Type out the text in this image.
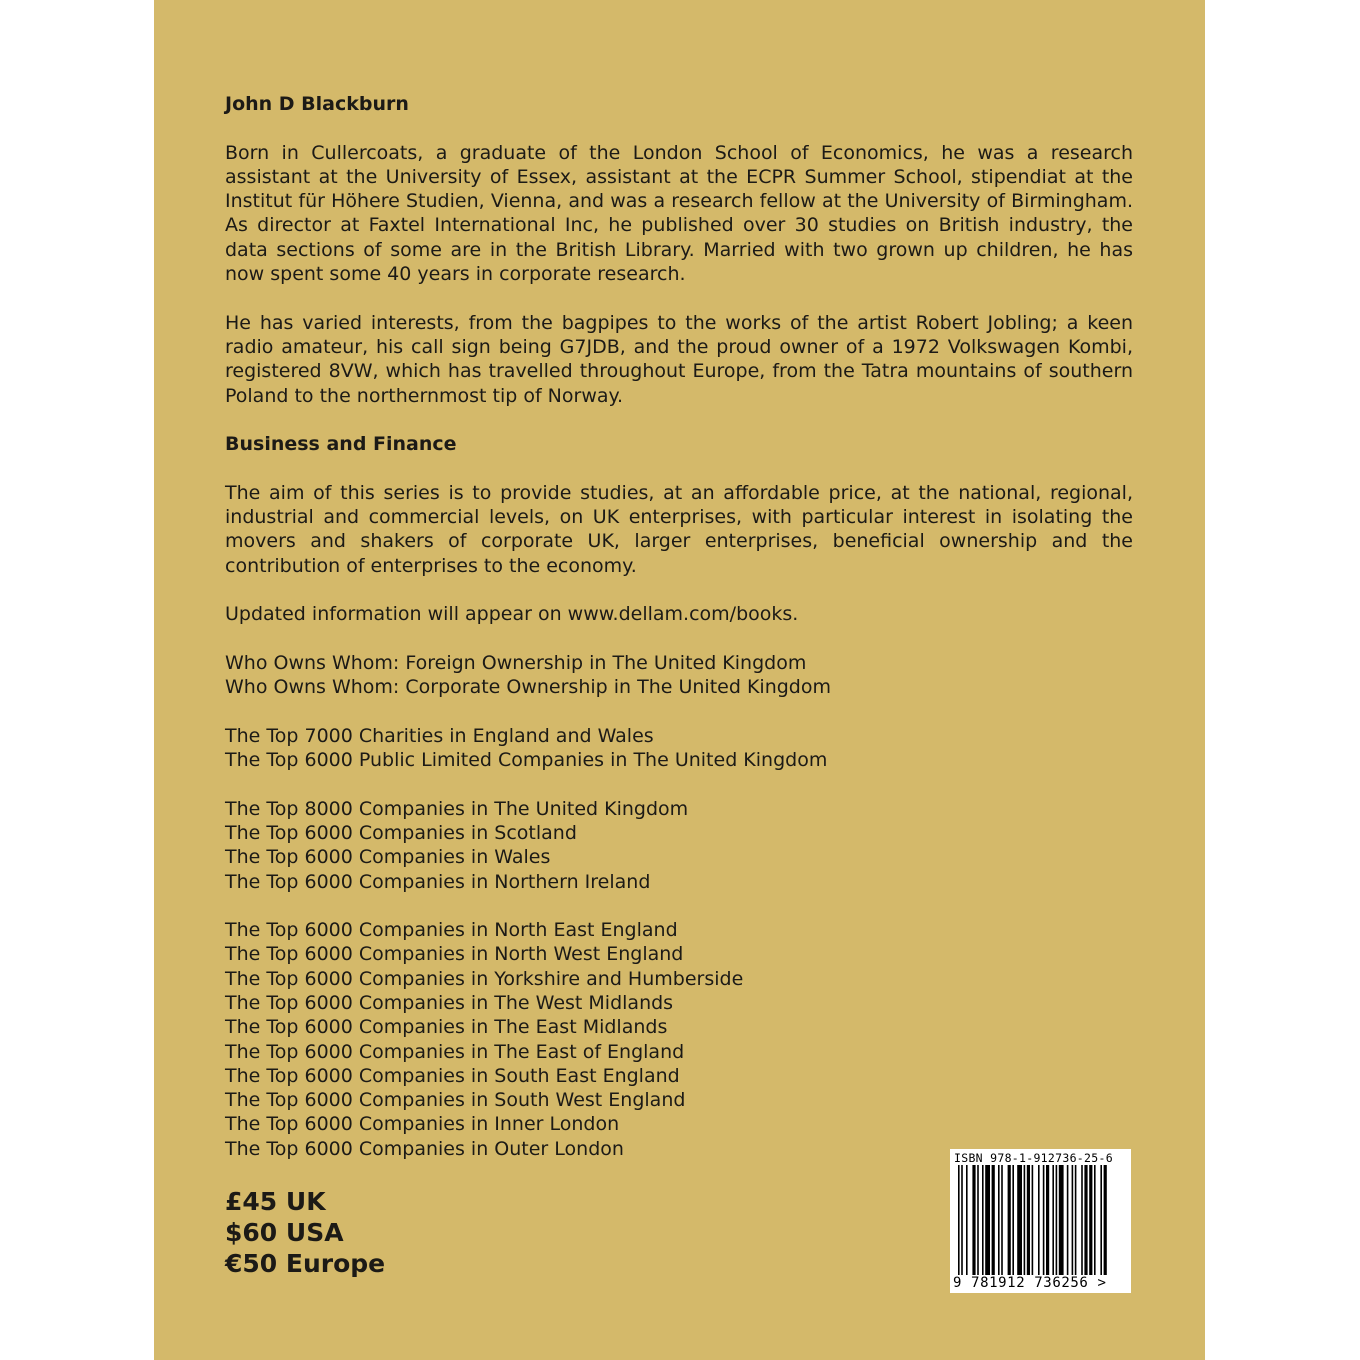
John D Blackburn

Born in Cullercoats, a graduate of the London School of Economics, he was a research assistant at the University of Essex, assistant at the ECPR Summer School, stipendiat at the Institut für Höhere Studien, Vienna, and was a research fellow at the University of Birmingham. As director at Faxtel International Inc, he published over 30 studies on British industry, the data sections of some are in the British Library. Married with two grown up children, he has now spent some 40 years in corporate research.

He has varied interests, from the bagpipes to the works of the artist Robert Jobling; a keen radio amateur, his call sign being G7JDB, and the proud owner of a 1972 Volkswagen Kombi, registered 8VW, which has travelled throughout Europe, from the Tatra mountains of southern Poland to the northernmost tip of Norway.

Business and Finance

The aim of this series is to provide studies, at an affordable price, at the national, regional, industrial and commercial levels, on UK enterprises, with particular interest in isolating the movers and shakers of corporate UK, larger enterprises, beneficial ownership and the contribution of enterprises to the economy.

Updated information will appear on www.dellam.com/books.

Who Owns Whom: Foreign Ownership in The United Kingdom
Who Owns Whom: Corporate Ownership in The United Kingdom
The Top 7000 Charities in England and Wales
The Top 6000 Public Limited Companies in The United Kingdom
The Top 8000 Companies in The United Kingdom
The Top 6000 Companies in Scotland
The Top 6000 Companies in Wales
The Top 6000 Companies in Northern Ireland
The Top 6000 Companies in North East England
The Top 6000 Companies in North West England
The Top 6000 Companies in Yorkshire and Humberside
The Top 6000 Companies in The West Midlands
The Top 6000 Companies in The East Midlands
The Top 6000 Companies in The East of England
The Top 6000 Companies in South East England
The Top 6000 Companies in South West England
The Top 6000 Companies in Inner London
The Top 6000 Companies in Outer London
£45 UK
$60 USA
€50 Europe
ISBN 978-1-912736-25-6
9 781912 736256 >
